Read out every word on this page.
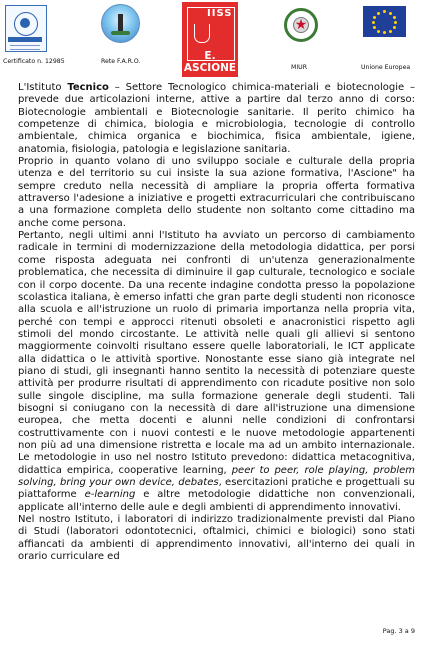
Certificato n. 12985	Rete F.A.R.O.
IISS
E. ASCIONE
★
MIUR	Unione Europea

L'Istituto Tecnico – Settore Tecnologico chimica-materiali e biotecnologie – prevede due articolazioni interne, attive a partire dal terzo anno di corso: Biotecnologie ambientali e Biotecnologie sanitarie. Il perito chimico ha competenze di chimica, biologia e microbiologia, tecnologie di controllo ambientale, chimica organica e biochimica, fisica ambientale, igiene, anatomia, fisiologia, patologia e legislazione sanitaria.

Proprio in quanto volano di uno sviluppo sociale e culturale della propria utenza e del territorio su cui insiste la sua azione formativa, l'Ascione" ha sempre creduto nella necessità di ampliare la propria offerta formativa attraverso l'adesione a iniziative e progetti extracurriculari che contribuiscano a una formazione completa dello studente non soltanto come cittadino ma anche come persona.

Pertanto, negli ultimi anni l'Istituto ha avviato un percorso di cambiamento radicale in termini di modernizzazione della metodologia didattica, per porsi come risposta adeguata nei confronti di un'utenza generazionalmente problematica, che necessita di diminuire il gap culturale, tecnologico e sociale con il corpo docente. Da una recente indagine condotta presso la popolazione scolastica italiana, è emerso infatti che gran parte degli studenti non riconosce alla scuola e all'istruzione un ruolo di primaria importanza nella propria vita, perché con tempi e approcci ritenuti obsoleti e anacronistici rispetto agli stimoli del mondo circostante. Le attività nelle quali gli allievi si sentono maggiormente coinvolti risultano essere quelle laboratoriali, le ICT applicate alla didattica o le attività sportive. Nonostante esse siano già integrate nel piano di studi, gli insegnanti hanno sentito la necessità di potenziare queste attività per produrre risultati di apprendimento con ricadute positive non solo sulle singole discipline, ma sulla formazione generale degli studenti. Tali bisogni si coniugano con la necessità di dare all'istruzione una dimensione europea, che metta docenti e alunni nelle condizioni di confrontarsi costruttivamente con i nuovi contesti e le nuove metodologie appartenenti non più ad una dimensione ristretta e locale ma ad un ambito internazionale. Le metodologie in uso nel nostro Istituto prevedono: didattica metacognitiva, didattica empirica, cooperative learning, peer to peer, role playing, problem solving, bring your own device, debates, esercitazioni pratiche e progettuali su piattaforme e-learning e altre metodologie didattiche non convenzionali, applicate all'interno delle aule e degli ambienti di apprendimento innovativi.

Nel nostro Istituto, i laboratori di indirizzo tradizionalmente previsti dal Piano di Studi (laboratori odontotecnici, oftalmici, chimici e biologici) sono stati affiancati da ambienti di apprendimento innovativi, all'interno dei quali in orario curriculare ed

Pag. 3 a 9
